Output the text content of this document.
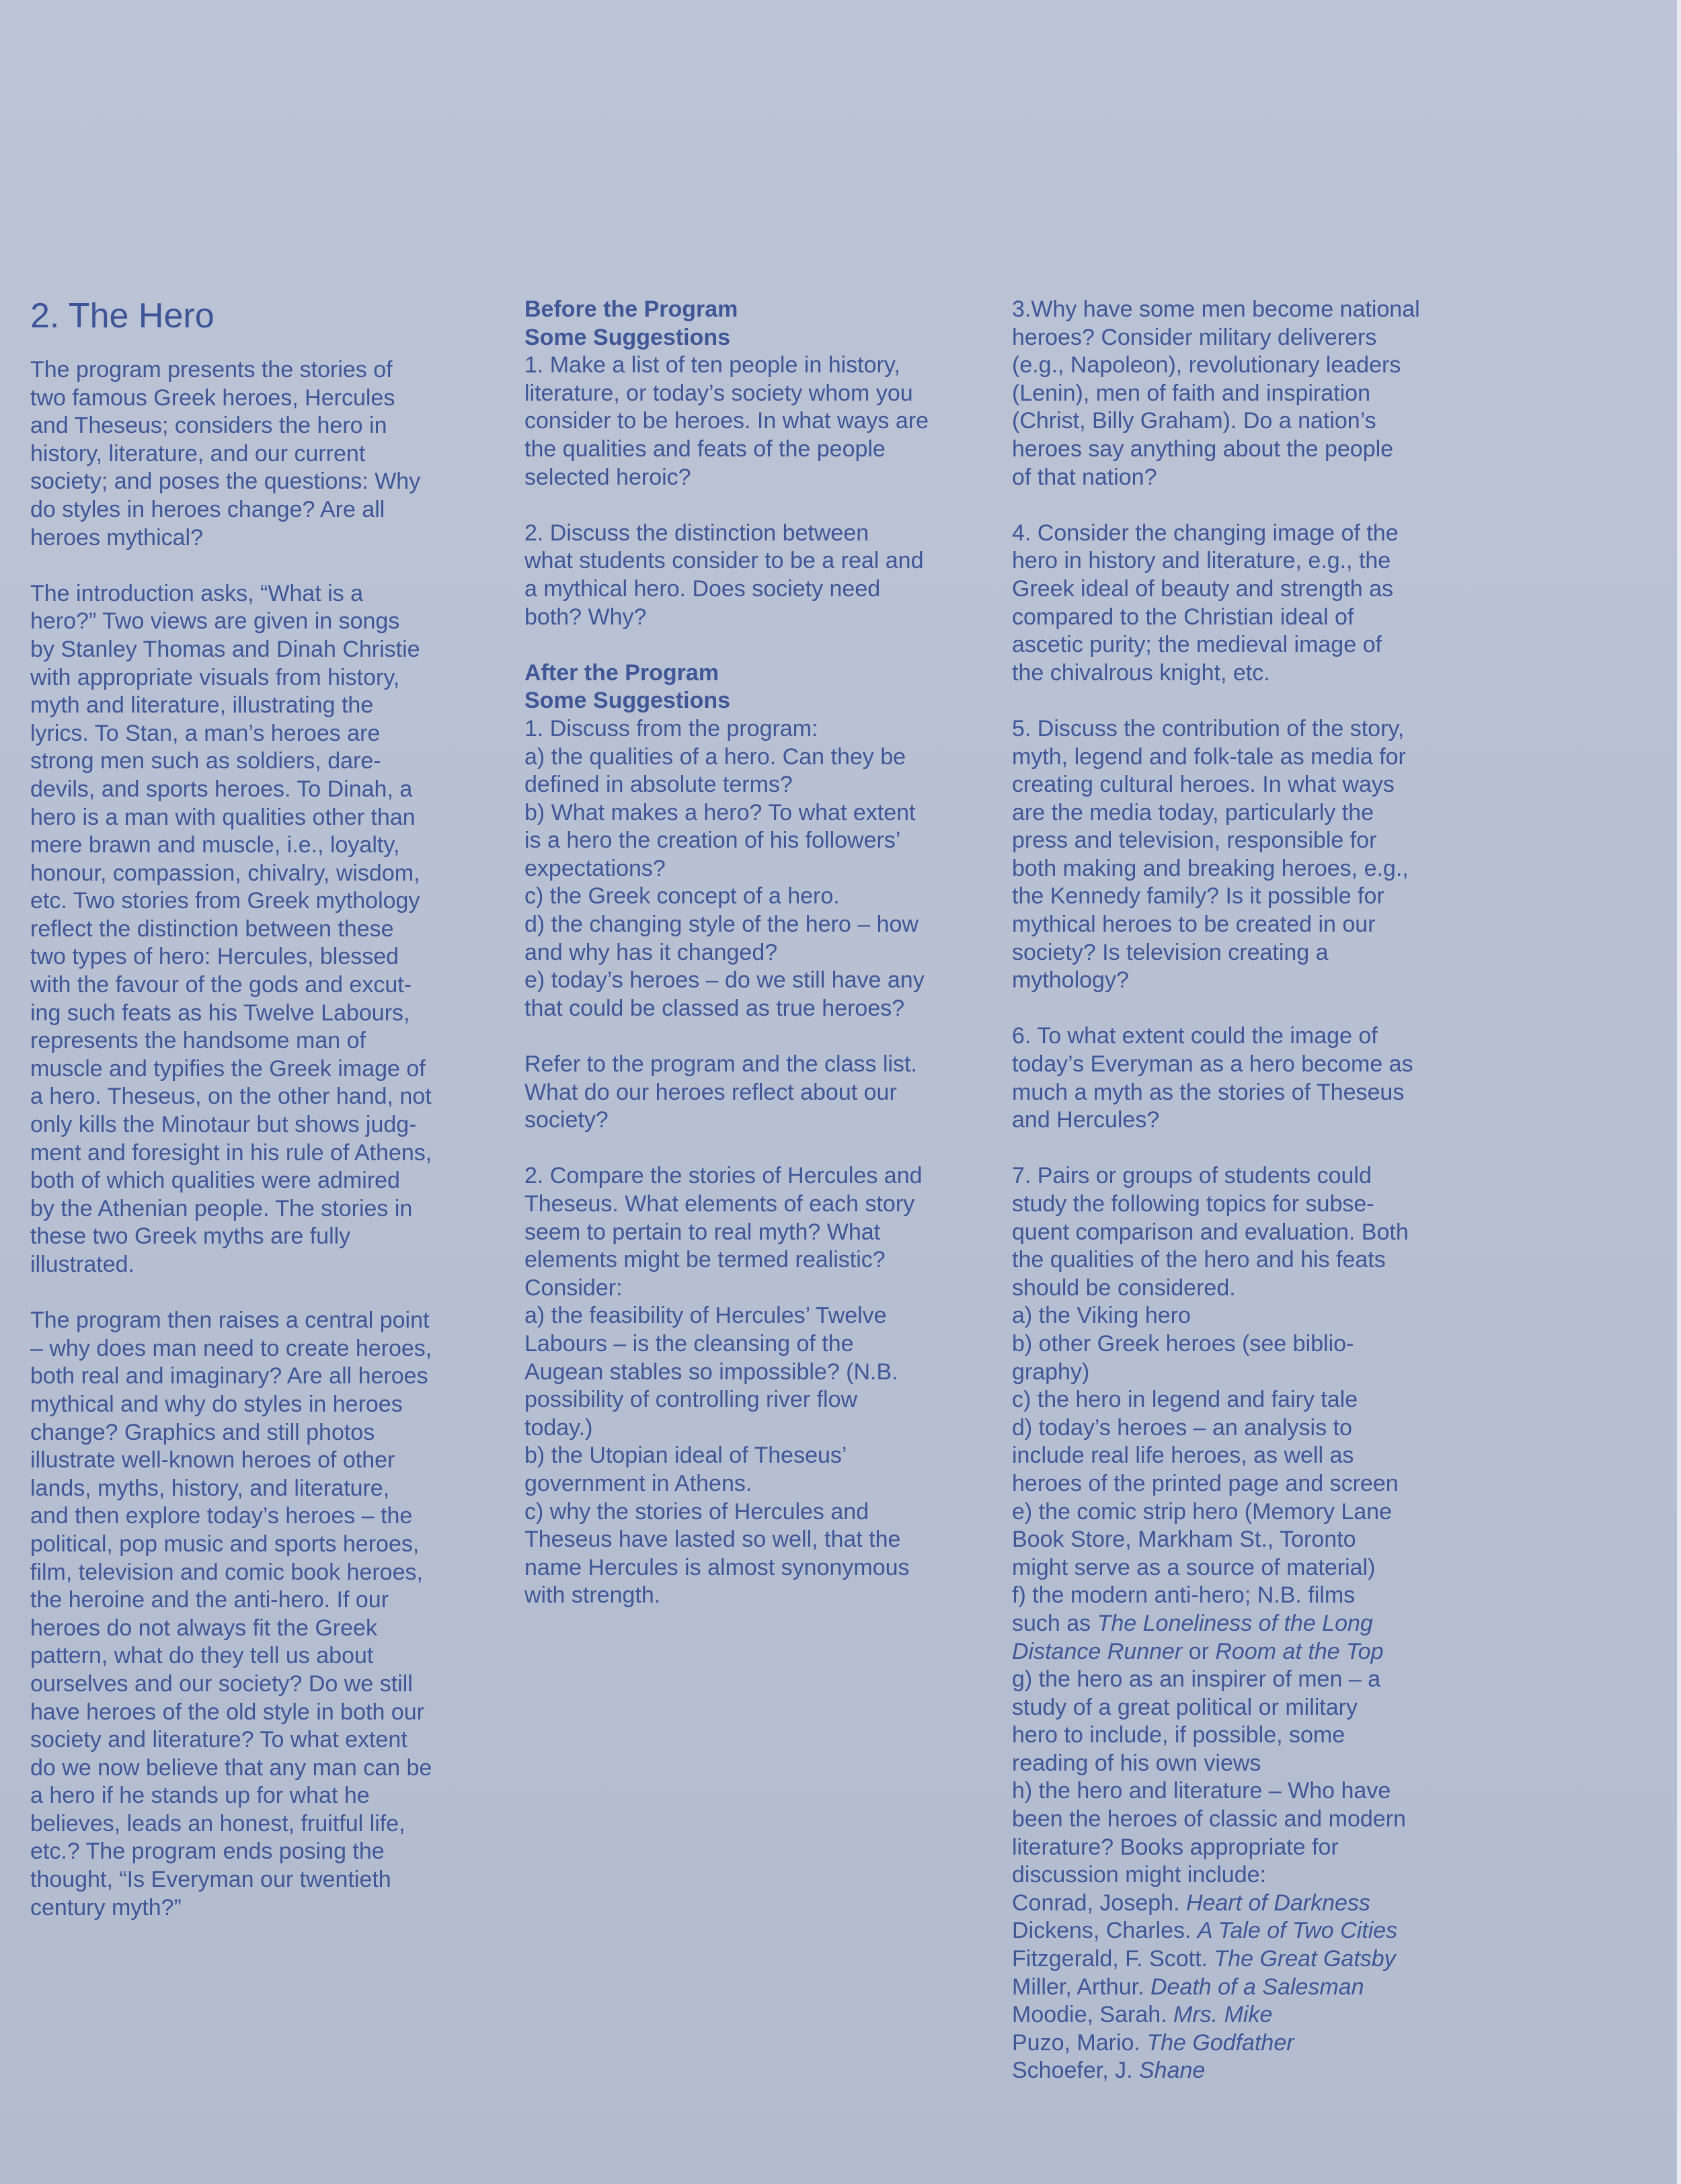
2. The Hero
The program presents the stories of
two famous Greek heroes, Hercules
and Theseus; considers the hero in
history, literature, and our current
society; and poses the questions: Why
do styles in heroes change? Are all
heroes mythical?
The introduction asks, “What is a
hero?” Two views are given in songs
by Stanley Thomas and Dinah Christie
with appropriate visuals from history,
myth and literature, illustrating the
lyrics. To Stan, a man’s heroes are
strong men such as soldiers, dare-
devils, and sports heroes. To Dinah, a
hero is a man with qualities other than
mere brawn and muscle, i.e., loyalty,
honour, compassion, chivalry, wisdom,
etc. Two stories from Greek mythology
reflect the distinction between these
two types of hero: Hercules, blessed
with the favour of the gods and excut-
ing such feats as his Twelve Labours,
represents the handsome man of
muscle and typifies the Greek image of
a hero. Theseus, on the other hand, not
only kills the Minotaur but shows judg-
ment and foresight in his rule of Athens,
both of which qualities were admired
by the Athenian people. The stories in
these two Greek myths are fully
illustrated.
The program then raises a central point
– why does man need to create heroes,
both real and imaginary? Are all heroes
mythical and why do styles in heroes
change? Graphics and still photos
illustrate well-known heroes of other
lands, myths, history, and literature,
and then explore today’s heroes – the
political, pop music and sports heroes,
film, television and comic book heroes,
the heroine and the anti-hero. If our
heroes do not always fit the Greek
pattern, what do they tell us about
ourselves and our society? Do we still
have heroes of the old style in both our
society and literature? To what extent
do we now believe that any man can be
a hero if he stands up for what he
believes, leads an honest, fruitful life,
etc.? The program ends posing the
thought, “Is Everyman our twentieth
century myth?”
Before the Program
Some Suggestions
1. Make a list of ten people in history,
literature, or today’s society whom you
consider to be heroes. In what ways are
the qualities and feats of the people
selected heroic?
2. Discuss the distinction between
what students consider to be a real and
a mythical hero. Does society need
both? Why?
After the Program
Some Suggestions
1. Discuss from the program:
a) the qualities of a hero. Can they be
defined in absolute terms?
b) What makes a hero? To what extent
is a hero the creation of his followers’
expectations?
c) the Greek concept of a hero.
d) the changing style of the hero – how
and why has it changed?
e) today’s heroes – do we still have any
that could be classed as true heroes?
Refer to the program and the class list.
What do our heroes reflect about our
society?
2. Compare the stories of Hercules and
Theseus. What elements of each story
seem to pertain to real myth? What
elements might be termed realistic?
Consider:
a) the feasibility of Hercules’ Twelve
Labours – is the cleansing of the
Augean stables so impossible? (N.B.
possibility of controlling river flow
today.)
b) the Utopian ideal of Theseus’
government in Athens.
c) why the stories of Hercules and
Theseus have lasted so well, that the
name Hercules is almost synonymous
with strength.
3.Why have some men become national
heroes? Consider military deliverers
(e.g., Napoleon), revolutionary leaders
(Lenin), men of faith and inspiration
(Christ, Billy Graham). Do a nation’s
heroes say anything about the people
of that nation?
4. Consider the changing image of the
hero in history and literature, e.g., the
Greek ideal of beauty and strength as
compared to the Christian ideal of
ascetic purity; the medieval image of
the chivalrous knight, etc.
5. Discuss the contribution of the story,
myth, legend and folk-tale as media for
creating cultural heroes. In what ways
are the media today, particularly the
press and television, responsible for
both making and breaking heroes, e.g.,
the Kennedy family? Is it possible for
mythical heroes to be created in our
society? Is television creating a
mythology?
6. To what extent could the image of
today’s Everyman as a hero become as
much a myth as the stories of Theseus
and Hercules?
7. Pairs or groups of students could
study the following topics for subse-
quent comparison and evaluation. Both
the qualities of the hero and his feats
should be considered.
a) the Viking hero
b) other Greek heroes (see biblio-
graphy)
c) the hero in legend and fairy tale
d) today’s heroes – an analysis to
include real life heroes, as well as
heroes of the printed page and screen
e) the comic strip hero (Memory Lane
Book Store, Markham St., Toronto
might serve as a source of material)
f) the modern anti-hero; N.B. films
such as The Loneliness of the Long
Distance Runner or Room at the Top
g) the hero as an inspirer of men – a
study of a great political or military
hero to include, if possible, some
reading of his own views
h) the hero and literature – Who have
been the heroes of classic and modern
literature? Books appropriate for
discussion might include:
Conrad, Joseph. Heart of Darkness
Dickens, Charles. A Tale of Two Cities
Fitzgerald, F. Scott. The Great Gatsby
Miller, Arthur. Death of a Salesman
Moodie, Sarah. Mrs. Mike
Puzo, Mario. The Godfather
Schoefer, J. Shane
